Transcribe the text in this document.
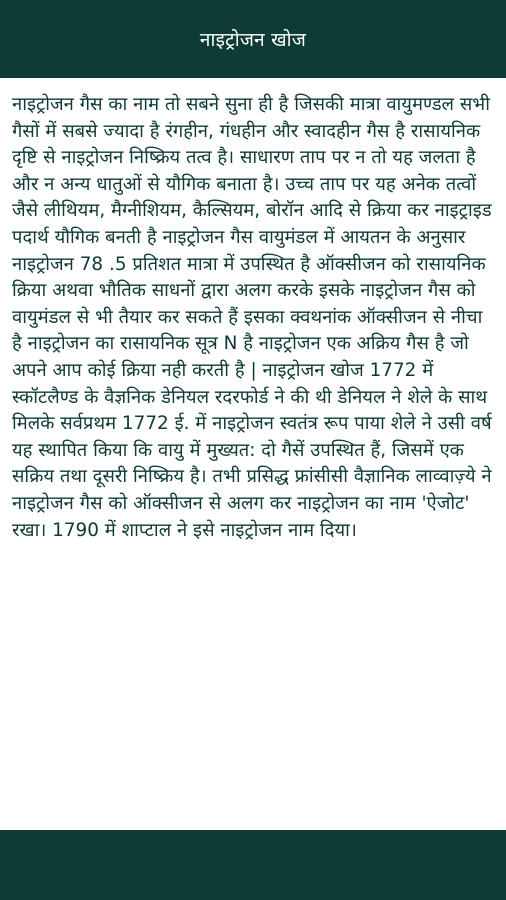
नाइट्रोजन खोज

नाइट्रोजन गैस का नाम तो सबने सुना ही है जिसकी मात्रा वायुमण्डल सभी गैसों में सबसे ज्यादा है रंगहीन, गंधहीन और स्वादहीन गैस है रासायनिक दृष्टि से नाइट्रोजन निष्क्रिय तत्व है। साधारण ताप पर न तो यह जलता है और न अन्य धातुओं से यौगिक बनाता है। उच्च ताप पर यह अनेक तत्वों जैसे लीथियम, मैग्नीशियम, कैल्सियम, बोरॉन आदि से क्रिया कर नाइट्राइड पदार्थ यौगिक बनती है नाइट्रोजन गैस वायुमंडल में आयतन के अनुसार नाइट्रोजन 78 .5 प्रतिशत मात्रा में उपस्थित है ऑक्सीजन को रासायनिक क्रिया अथवा भौतिक साधनों द्वारा अलग करके इसके नाइट्रोजन गैस को वायुमंडल से भी तैयार कर सकते हैं इसका क्वथनांक ऑक्सीजन से नीचा है नाइट्रोजन का रासायनिक सूत्र N है नाइट्रोजन एक अक्रिय गैस है जो अपने आप कोई क्रिया नही करती है | नाइट्रोजन खोज 1772 में स्कॉटलैण्ड के वैज्ञनिक डेनियल रदरफोर्ड ने की थी डेनियल ने शेले के साथ मिलके सर्वप्रथम 1772 ई. में नाइट्रोजन स्वतंत्र रूप पाया शेले ने उसी वर्ष यह स्थापित किया कि वायु में मुख्यत: दो गैसें उपस्थित हैं, जिसमें एक सक्रिय तथा दूसरी निष्क्रिय है। तभी प्रसिद्ध फ्रांसीसी वैज्ञानिक लाव्वाज़्ये ने नाइट्रोजन गैस को ऑक्सीजन से अलग कर नाइट्रोजन का नाम 'ऐजोट' रखा। 1790 में शाप्टाल ने इसे नाइट्रोजन नाम दिया।
